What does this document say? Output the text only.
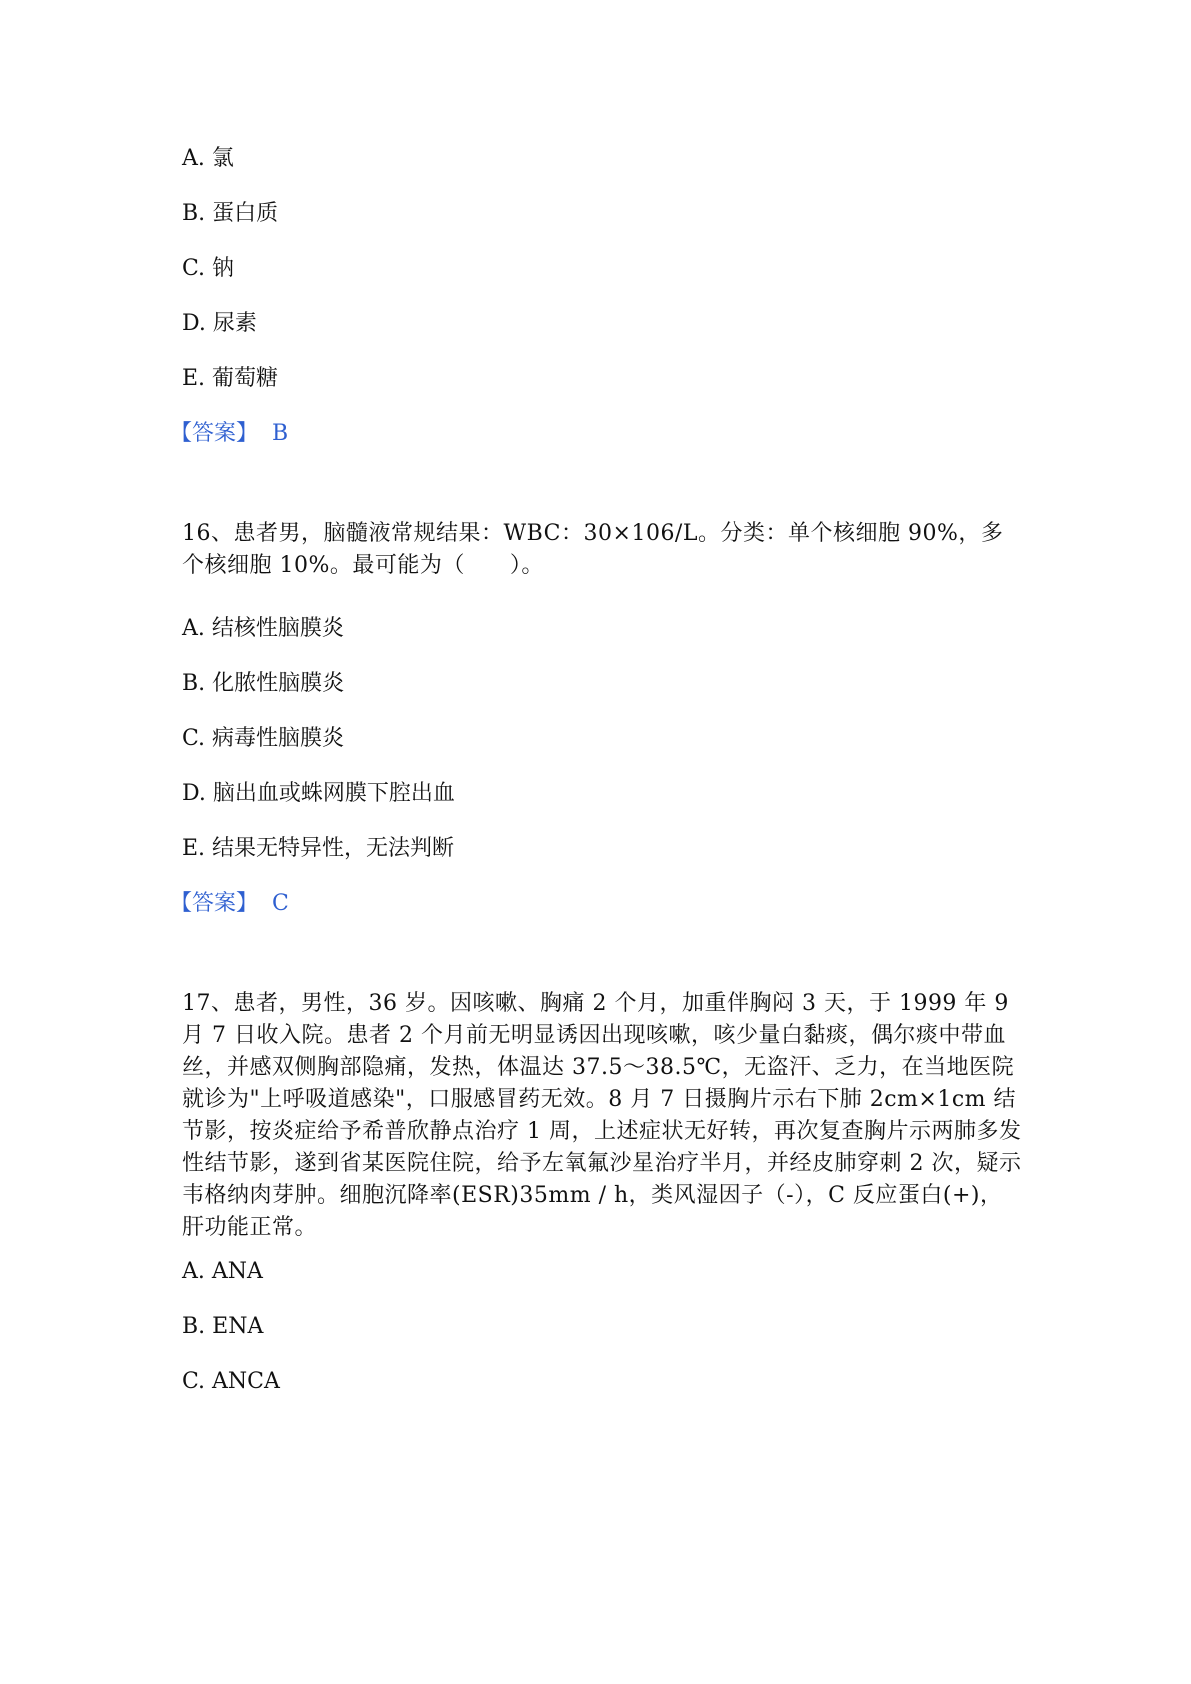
A. 氯
B. 蛋白质
C. 钠
D. 尿素
E. 葡萄糖
【答案】 B
16、患者男，脑髓液常规结果：WBC：30×106/L。分类：单个核细胞 90%，多个核细胞 10%。最可能为（　　）。
A. 结核性脑膜炎
B. 化脓性脑膜炎
C. 病毒性脑膜炎
D. 脑出血或蛛网膜下腔出血
E. 结果无特异性，无法判断
【答案】 C
17、患者，男性，36 岁。因咳嗽、胸痛 2 个月，加重伴胸闷 3 天，于 1999 年 9 月 7 日收入院。患者 2 个月前无明显诱因出现咳嗽，咳少量白黏痰，偶尔痰中带血丝，并感双侧胸部隐痛，发热，体温达 37.5～38.5℃，无盗汗、乏力，在当地医院就诊为"上呼吸道感染"，口服感冒药无效。8 月 7 日摄胸片示右下肺 2cm×1cm 结节影，按炎症给予希普欣静点治疗 1 周，上述症状无好转，再次复查胸片示两肺多发性结节影，遂到省某医院住院，给予左氧氟沙星治疗半月，并经皮肺穿刺 2 次，疑示韦格纳肉芽肿。细胞沉降率(ESR)35mm / h，类风湿因子（-），C 反应蛋白(+)，肝功能正常。
A. ANA
B. ENA
C. ANCA
